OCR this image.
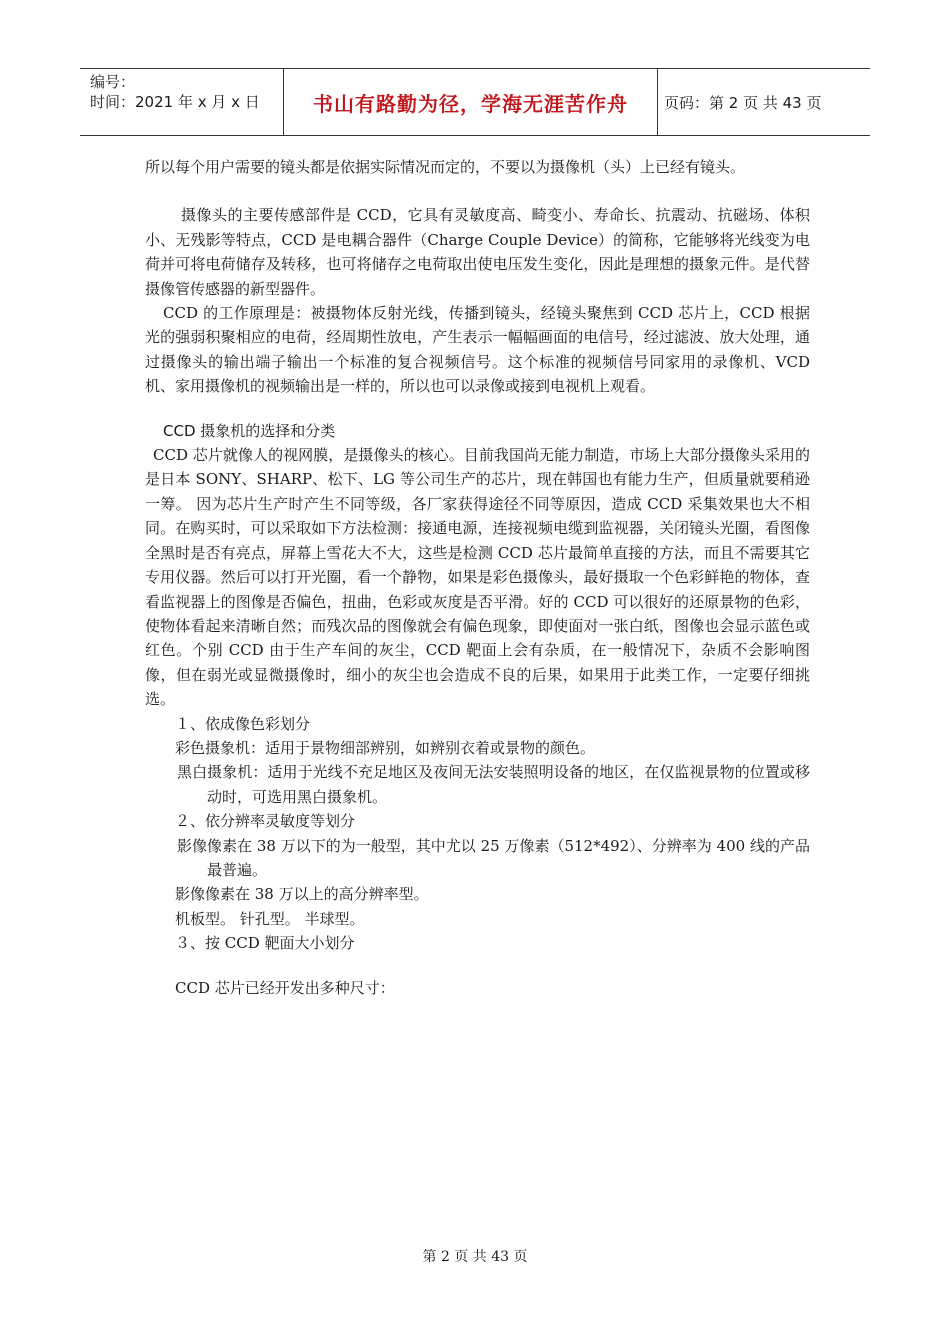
编号：
时间：2021 年 x 月 x 日	书山有路勤为径，学海无涯苦作舟	页码：第 2 页 共 43 页

所以每个用户需要的镜头都是依据实际情况而定的，不要以为摄像机（头）上已经有镜头。

摄像头的主要传感部件是 CCD，它具有灵敏度高、畸变小、寿命长、抗震动、抗磁场、体积小、无残影等特点，CCD 是电耦合器件（Charge Couple Device）的简称，它能够将光线变为电荷并可将电荷储存及转移，也可将储存之电荷取出使电压发生变化，因此是理想的摄象元件。是代替摄像管传感器的新型器件。

CCD 的工作原理是：被摄物体反射光线，传播到镜头，经镜头聚焦到 CCD 芯片上，CCD 根据光的强弱积聚相应的电荷，经周期性放电，产生表示一幅幅画面的电信号，经过滤波、放大处理，通过摄像头的输出端子输出一个标准的复合视频信号。这个标准的视频信号同家用的录像机、VCD 机、家用摄像机的视频输出是一样的，所以也可以录像或接到电视机上观看。

CCD 摄象机的选择和分类

CCD 芯片就像人的视网膜，是摄像头的核心。目前我国尚无能力制造，市场上大部分摄像头采用的是日本 SONY、SHARP、松下、LG 等公司生产的芯片，现在韩国也有能力生产，但质量就要稍逊一筹。 因为芯片生产时产生不同等级，各厂家获得途径不同等原因，造成 CCD 采集效果也大不相同。在购买时，可以采取如下方法检测：接通电源，连接视频电缆到监视器，关闭镜头光圈，看图像全黑时是否有亮点，屏幕上雪花大不大，这些是检测 CCD 芯片最简单直接的方法，而且不需要其它专用仪器。然后可以打开光圈，看一个静物，如果是彩色摄像头，最好摄取一个色彩鲜艳的物体，查看监视器上的图像是否偏色，扭曲，色彩或灰度是否平滑。好的 CCD 可以很好的还原景物的色彩，使物体看起来清晰自然；而残次品的图像就会有偏色现象，即使面对一张白纸，图像也会显示蓝色或红色。个别 CCD 由于生产车间的灰尘，CCD 靶面上会有杂质，在一般情况下，杂质不会影响图像，但在弱光或显微摄像时，细小的灰尘也会造成不良的后果，如果用于此类工作，一定要仔细挑选。

１、依成像色彩划分

彩色摄象机：适用于景物细部辨别，如辨别衣着或景物的颜色。

黑白摄象机：适用于光线不充足地区及夜间无法安装照明设备的地区，在仅监视景物的位置或移动时，可选用黑白摄象机。

２、依分辨率灵敏度等划分

影像像素在 38 万以下的为一般型，其中尤以 25 万像素（512*492）、分辨率为 400 线的产品最普遍。

影像像素在 38 万以上的高分辨率型。

机板型。 针孔型。 半球型。

３、按 CCD 靶面大小划分

CCD 芯片已经开发出多种尺寸：

第 2 页 共 43 页
